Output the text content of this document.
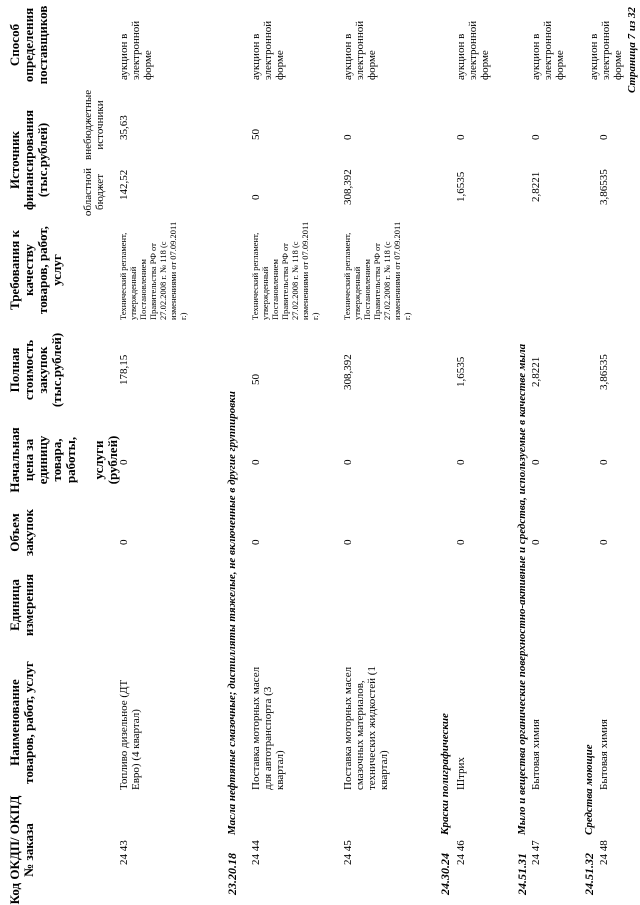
Код ОКДП/ ОКПД № заказа
Наименование товаров, работ, услуг
Единица измерения
Объем закупок
Начальная цена за единицу товара, работы, услуги (рублей)
Полная стоимость закупок (тыс.рублей)
Требования к качеству товаров, работ, услуг
Источник финансирования (тыс.рублей)	областной бюджет
внебюджетные источники
Способ определения поставщиков
24 43
Топливо дизельное (ДТ Евро) (4 квартал)
0
0
178,15
Технический регламент, утвержденный Постановлением Правительства РФ от 27.02.2008 г. № 118 (с изменениями от 07.09.2011 г.)
142,52
35,63
аукцион в электронной форме
23.20.18
Масла нефтяные смазочные; дистилляты тяжелые, не включенные в другие группировки
24 44
Поставка моторных масел для автотранспорта (3 квартал)
0
0
50
Технический регламент, утвержденный Постановлением Правительства РФ от 27.02.2008 г. № 118 (с изменениями от 07.09.2011 г.)
0
50
аукцион в электронной форме
24 45
Поставка моторных масел смазочных материалов, технических жидкостей (1 квартал)
0
0
308,392
Технический регламент, утвержденный Постановлением Правительства РФ от 27.02.2008 г. № 118 (с изменениями от 07.09.2011 г.)
308,392
0
аукцион в электронной форме
24.30.24
Краски полиграфические
24 46
Штрих
0
0
1,6535
1,6535
0
аукцион в электронной форме
24.51.31
Мыло и вещества органические поверхностно-активные и средства, используемые в качестве мыла
24 47
Бытовая химия
0
0
2,8221
2,8221
0
аукцион в электронной форме
24.51.32
Средства моющие
24 48
Бытовая химия
0
0
3,86535
3,86535
0
аукцион в электронной форме Страница 7 из 32
